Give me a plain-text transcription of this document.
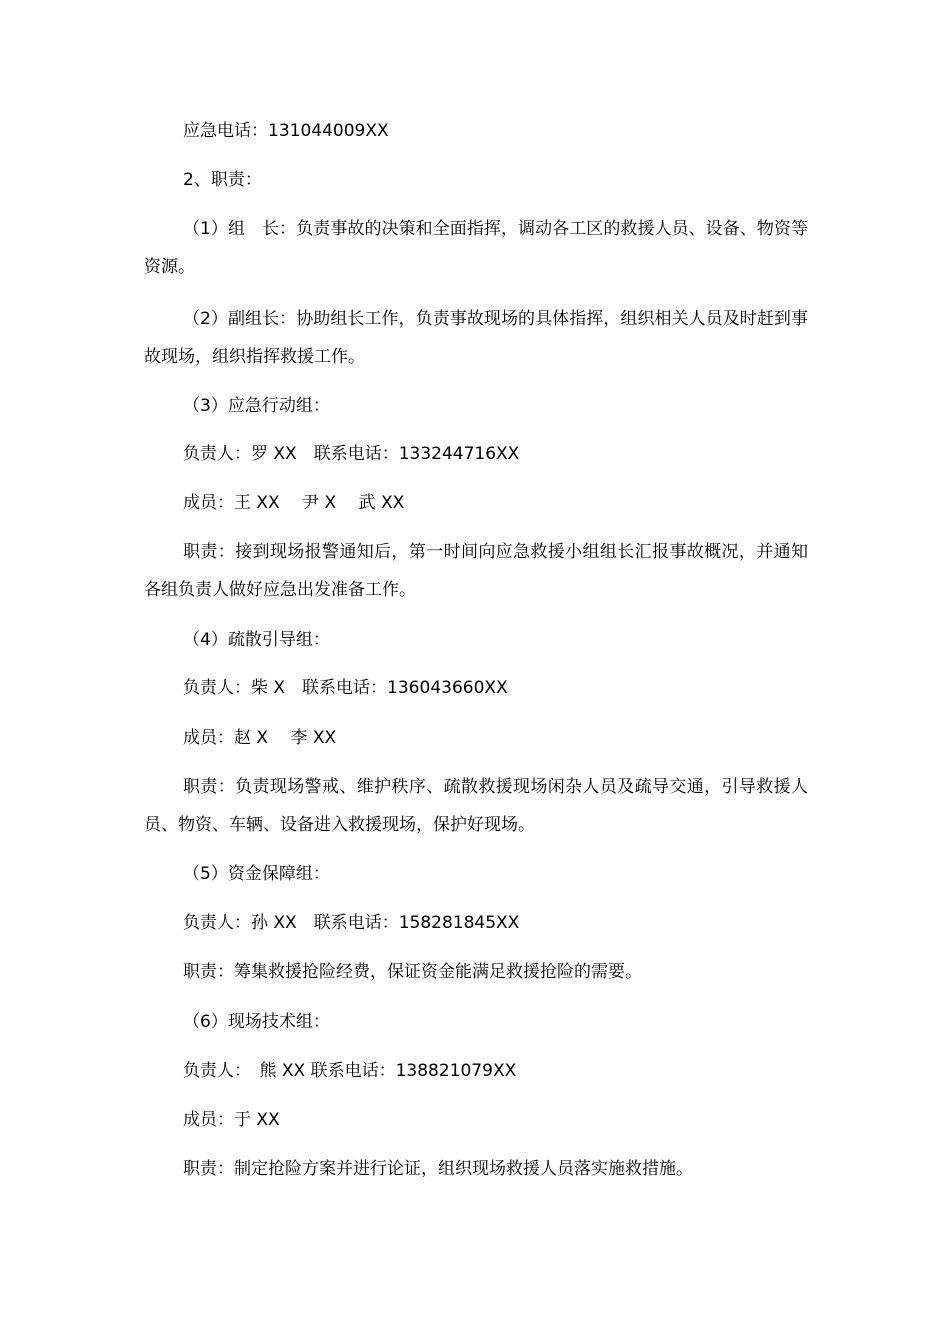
应急电话：131044009XX
2、职责：
（1）组　长：负责事故的决策和全面指挥，调动各工区的救援人员、设备、物资等资源。
（2）副组长：协助组长工作，负责事故现场的具体指挥，组织相关人员及时赶到事故现场，组织指挥救援工作。
（3）应急行动组：
负责人：罗 XX　联系电话：133244716XX
成员：王 XX　 尹 X　 武 XX
职责：接到现场报警通知后，第一时间向应急救援小组组长汇报事故概况，并通知各组负责人做好应急出发准备工作。
（4）疏散引导组：
负责人：柴 X　联系电话：136043660XX
成员：赵 X　 李 XX
职责：负责现场警戒、维护秩序、疏散救援现场闲杂人员及疏导交通，引导救援人员、物资、车辆、设备进入救援现场，保护好现场。
（5）资金保障组：
负责人：孙 XX　联系电话：158281845XX
职责：筹集救援抢险经费，保证资金能满足救援抢险的需要。
（6）现场技术组：
负责人：　熊 XX 联系电话：138821079XX
成员：于 XX
职责：制定抢险方案并进行论证，组织现场救援人员落实施救措施。
